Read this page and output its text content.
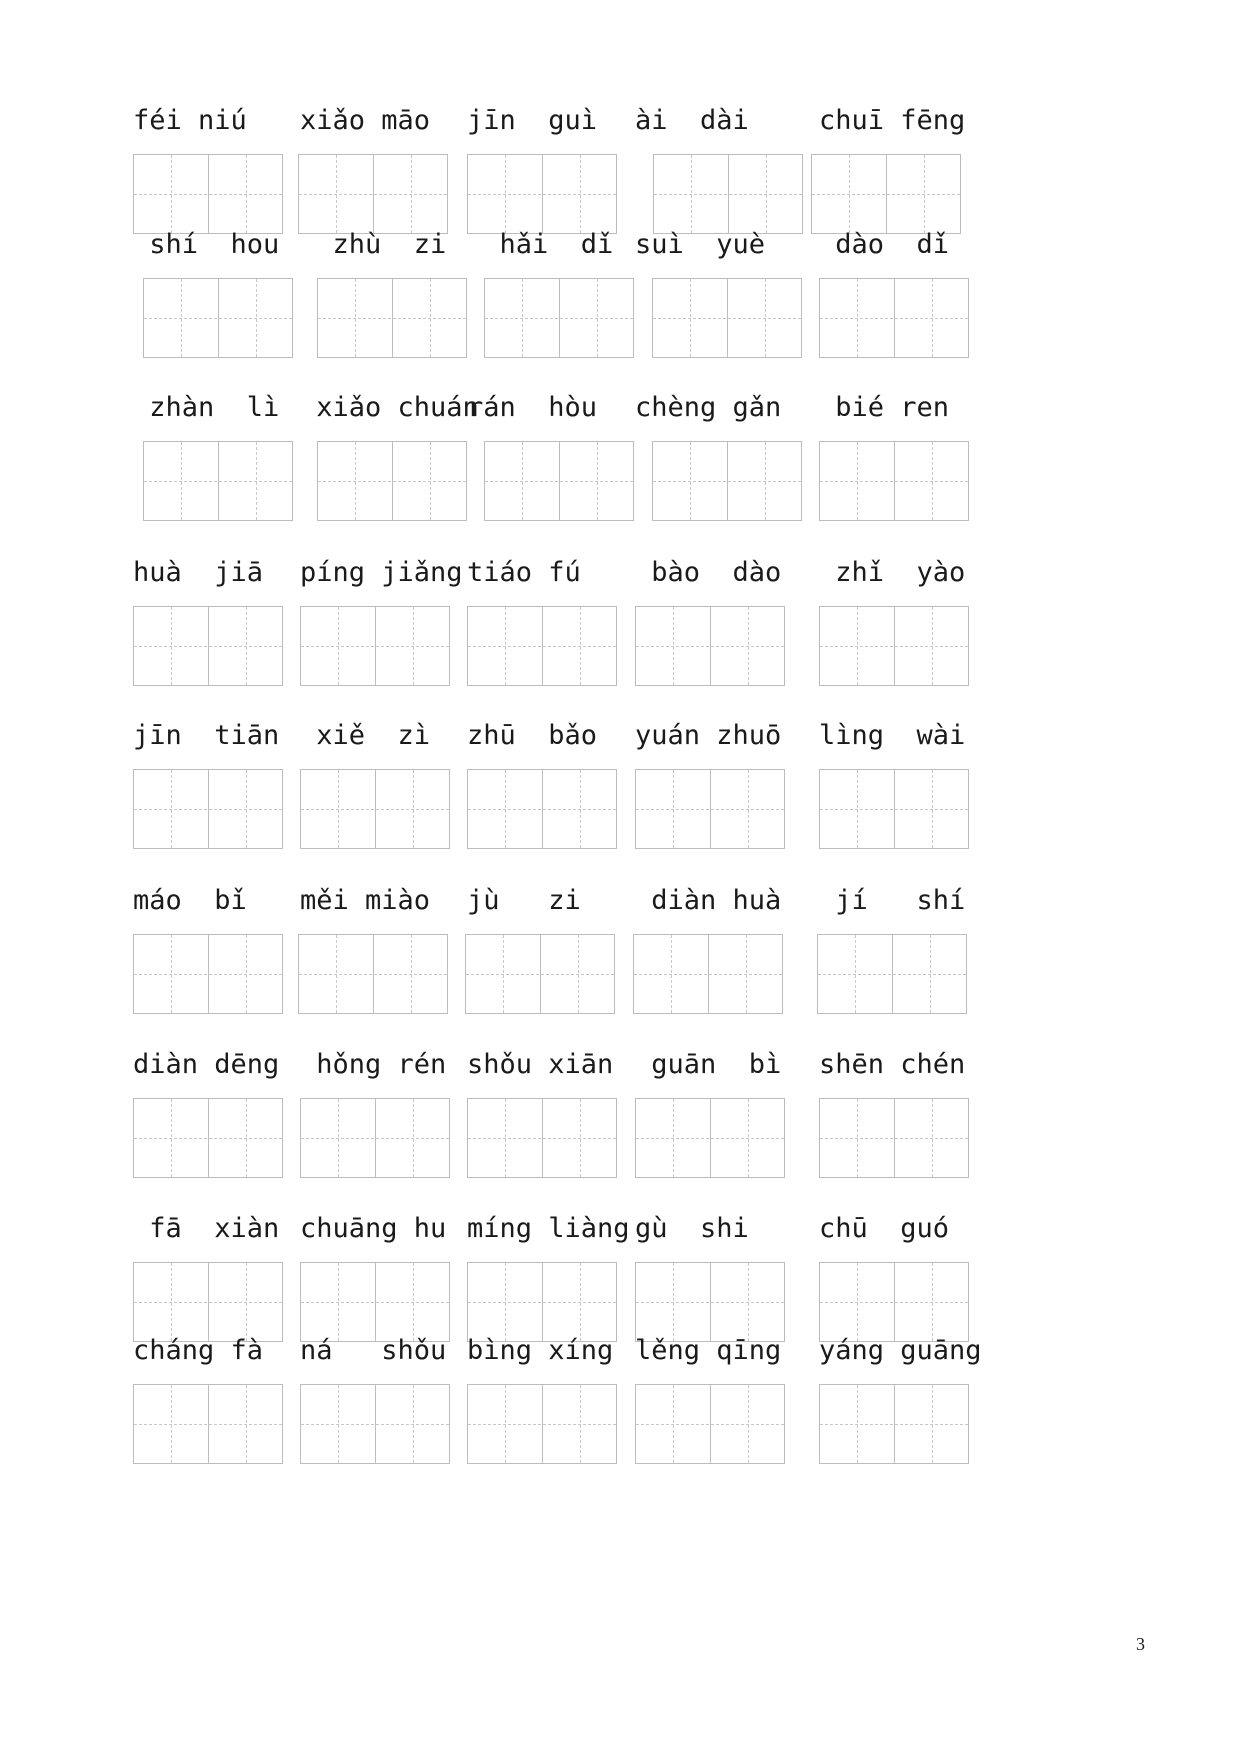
féi niú xiǎo māo jīn  guì ài  dài	chuī fēng
shí  hou zhù  zi hǎi  dǐ suì  yuè dào  dǐ
zhàn  lì xiǎo chuán
rán  hòu chèng gǎn bié ren
huà  jiā píng jiǎng tiáo fú bào  dào zhǐ  yào
jīn  tiān xiě  zì zhū  bǎo yuán zhuō lìng  wài
máo  bǐ měi miào jù   zi diàn huà jí   shí
diàn dēng hǒng rén shǒu xiān guān  bì shēn chén
fā  xiàn chuāng hu míng liàng gù  shi	chū  guó
cháng fà ná   shǒu bìng xíng lěng qīng yáng guāng
3
